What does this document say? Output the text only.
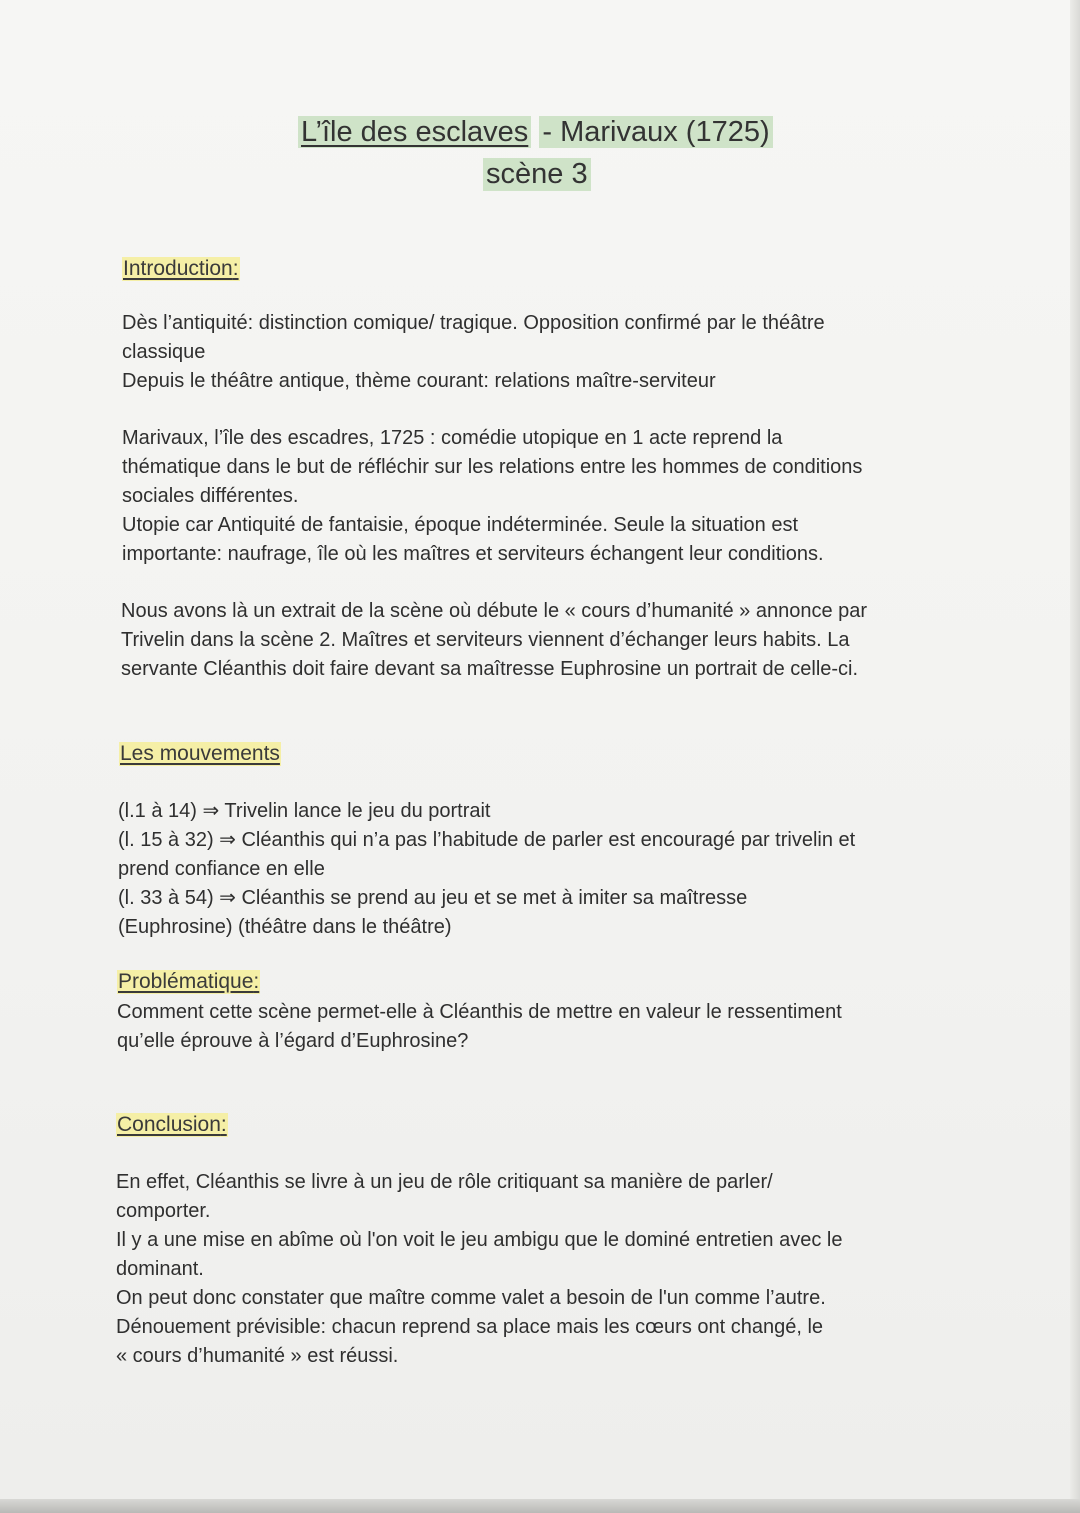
L’île des esclaves - Marivaux (1725)
scène 3
Introduction:
Dès l’antiquité: distinction comique/ tragique. Opposition confirmé par le théâtre
classique
Depuis le théâtre antique, thème courant: relations maître-serviteur
Marivaux, l’île des escadres, 1725 : comédie utopique en 1 acte reprend la
thématique dans le but de réfléchir sur les relations entre les hommes de conditions
sociales différentes.
Utopie car Antiquité de fantaisie, époque indéterminée. Seule la situation est
importante: naufrage, île où les maîtres et serviteurs échangent leur conditions.
Nous avons là un extrait de la scène où débute le « cours d’humanité » annonce par
Trivelin dans la scène 2. Maîtres et serviteurs viennent d’échanger leurs habits. La
servante Cléanthis doit faire devant sa maîtresse Euphrosine un portrait de celle-ci.
Les mouvements
(l.1 à 14) ⇒ Trivelin lance le jeu du portrait
(l. 15 à 32) ⇒ Cléanthis qui n’a pas l’habitude de parler est encouragé par trivelin et
prend confiance en elle
(l. 33 à 54) ⇒ Cléanthis se prend au jeu et se met à imiter sa maîtresse
(Euphrosine) (théâtre dans le théâtre)
Problématique:
Comment cette scène permet-elle à Cléanthis de mettre en valeur le ressentiment
qu’elle éprouve à l’égard d’Euphrosine?
Conclusion:
En effet, Cléanthis se livre à un jeu de rôle critiquant sa manière de parler/
comporter.
Il y a une mise en abîme où l'on voit le jeu ambigu que le dominé entretien avec le
dominant.
On peut donc constater que maître comme valet a besoin de l'un comme l’autre.
Dénouement prévisible: chacun reprend sa place mais les cœurs ont changé, le
« cours d’humanité » est réussi.
